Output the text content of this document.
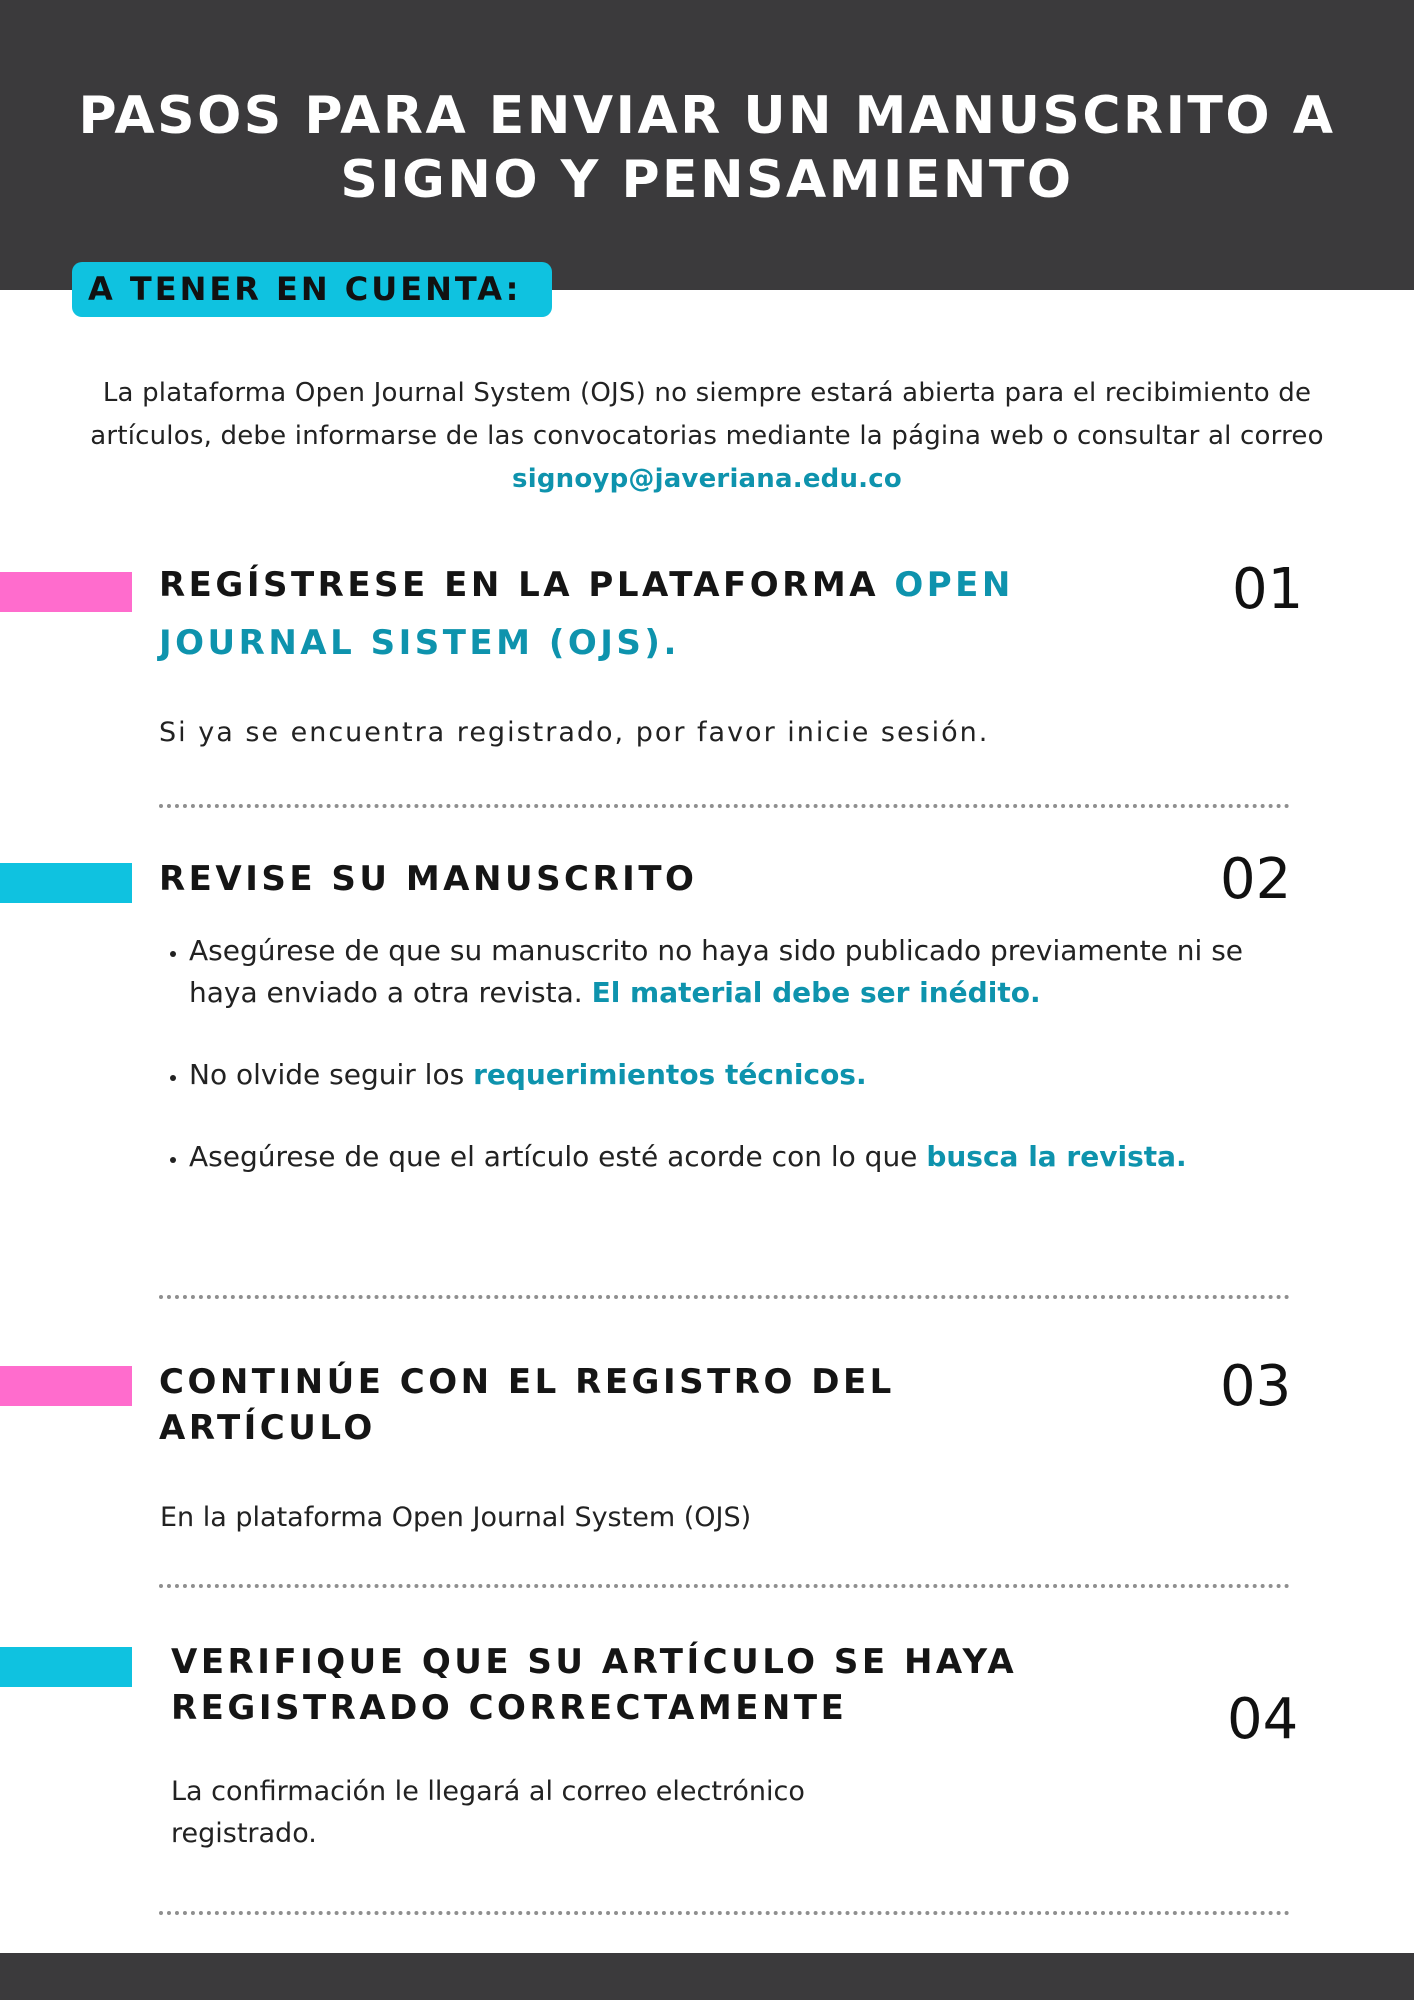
PASOS PARA ENVIAR UN MANUSCRITO A
SIGNO Y PENSAMIENTO
A TENER EN CUENTA:

La plataforma Open Journal System (OJS) no siempre estará abierta para el recibimiento de artículos, debe informarse de las convocatorias mediante la página web o consultar al correo signoyp@javeriana.edu.co

REGÍSTRESE EN LA PLATAFORMA OPEN JOURNAL SISTEM (OJS).
01

Si ya se encuentra registrado, por favor inicie sesión.

REVISE SU MANUSCRITO	02
• Asegúrese de que su manuscrito no haya sido publicado previamente ni se haya enviado a otra revista. El material debe ser inédito.
• No olvide seguir los requerimientos técnicos.
• Asegúrese de que el artículo esté acorde con lo que busca la revista.
CONTINÚE CON EL REGISTRO DEL ARTÍCULO
03

En la plataforma Open Journal System (OJS)

VERIFIQUE QUE SU ARTÍCULO SE HAYA REGISTRADO CORRECTAMENTE	04

La confirmación le llegará al correo electrónico registrado.
